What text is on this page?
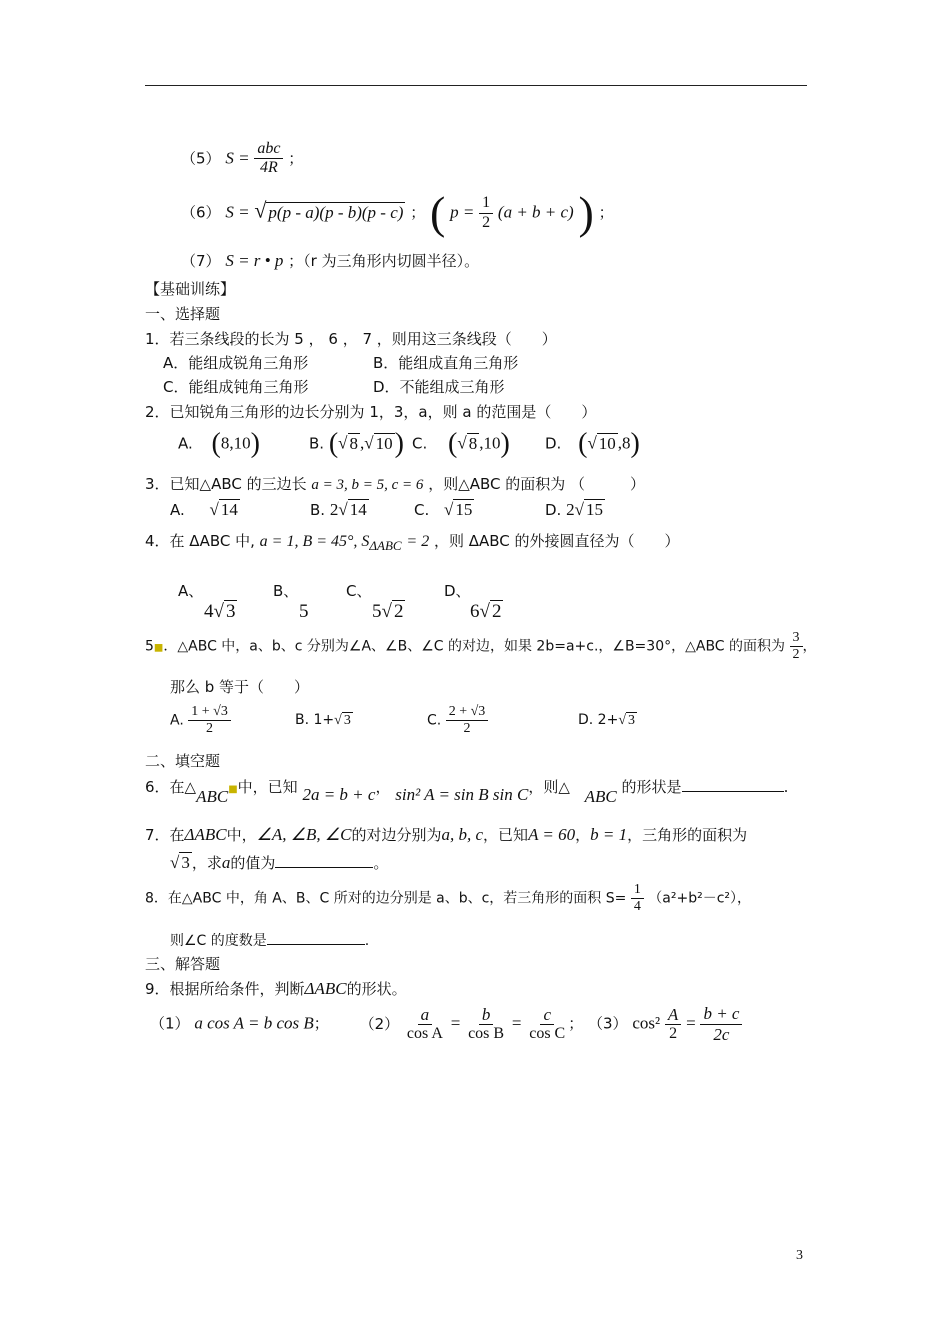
（5） $S = \frac{\text{abc}}{4R}$ ；
（6） S = √ p(p - a)(p - b)(p - c) ； ( $p = \frac{1}{2} (a + b + c)$ ) ；
（7） S = r • p ；（r 为三角形内切圆半径）。
【基础训练】
一、选择题
1．若三条线段的长为 5 ， 6 ， 7 ，则用这三条线段（　　）
A．能组成锐角三角形	B．能组成直角三角形
C．能组成钝角三角形	D．不能组成三角形
2．已知锐角三角形的边长分别为 1，3，a，则 a 的范围是（　　）
A. (8,10)	B. (√ 8 ,√ 10) C. (√ 8 ,10) D. (√ 10 ,8)
3．已知△ABC 的三边长 a = 3, b = 5, c = 6 ，则△ABC 的面积为 （　　　）
A. √ 14	B. 2√ 14	C. √ 15	D. 2√ 15
4．在 ΔABC 中, a = 1, B = 45°, $S_{\Delta ABC} = 2$ ，则 ΔABC 的外接圆直径为（　　）
A、
4√ 3
B、
5
C、
5√ 2
D、
6√ 2
5■．△ABC 中，a、b、c 分别为∠A、∠B、∠C 的对边，如果 2b=a+c.，∠B=30°，△ABC 的面积为 $\frac{3}{2}$ ，
那么 b 等于（　　）
A. $\frac{1 + √3}{2}$	B. 1+√ 3	C. $\frac{2 + √3}{2}$	D. 2+√ 3
二、填空题
6．在△ABC■中，已知 2a = b + c， sin² A = sin B sin C，则△ ABC 的形状是	.
7．在ΔABC中，∠A, ∠B, ∠C的对边分别为a, b, c，已知A = 60，b = 1，三角形的面积为
√ 3 ，求a的值为	。
8．在△ABC 中，角 A、B、C 所对的边分别是 a、b、c，若三角形的面积 $S= \frac{1}{4} (a^2+b^2-c^2)$，
则∠C 的度数是	.
三、解答题
9．根据所给条件，判断ΔABC的形状。
（1） a cos A = b cos B； $(2) \frac{a}{\text{cos A}} = \frac{b}{\text{cos B}} = \frac{c}{\text{cos C}}$ ； （3） $\cos^2 \frac{A}{2} = \frac{b + c}{2c}$
3
